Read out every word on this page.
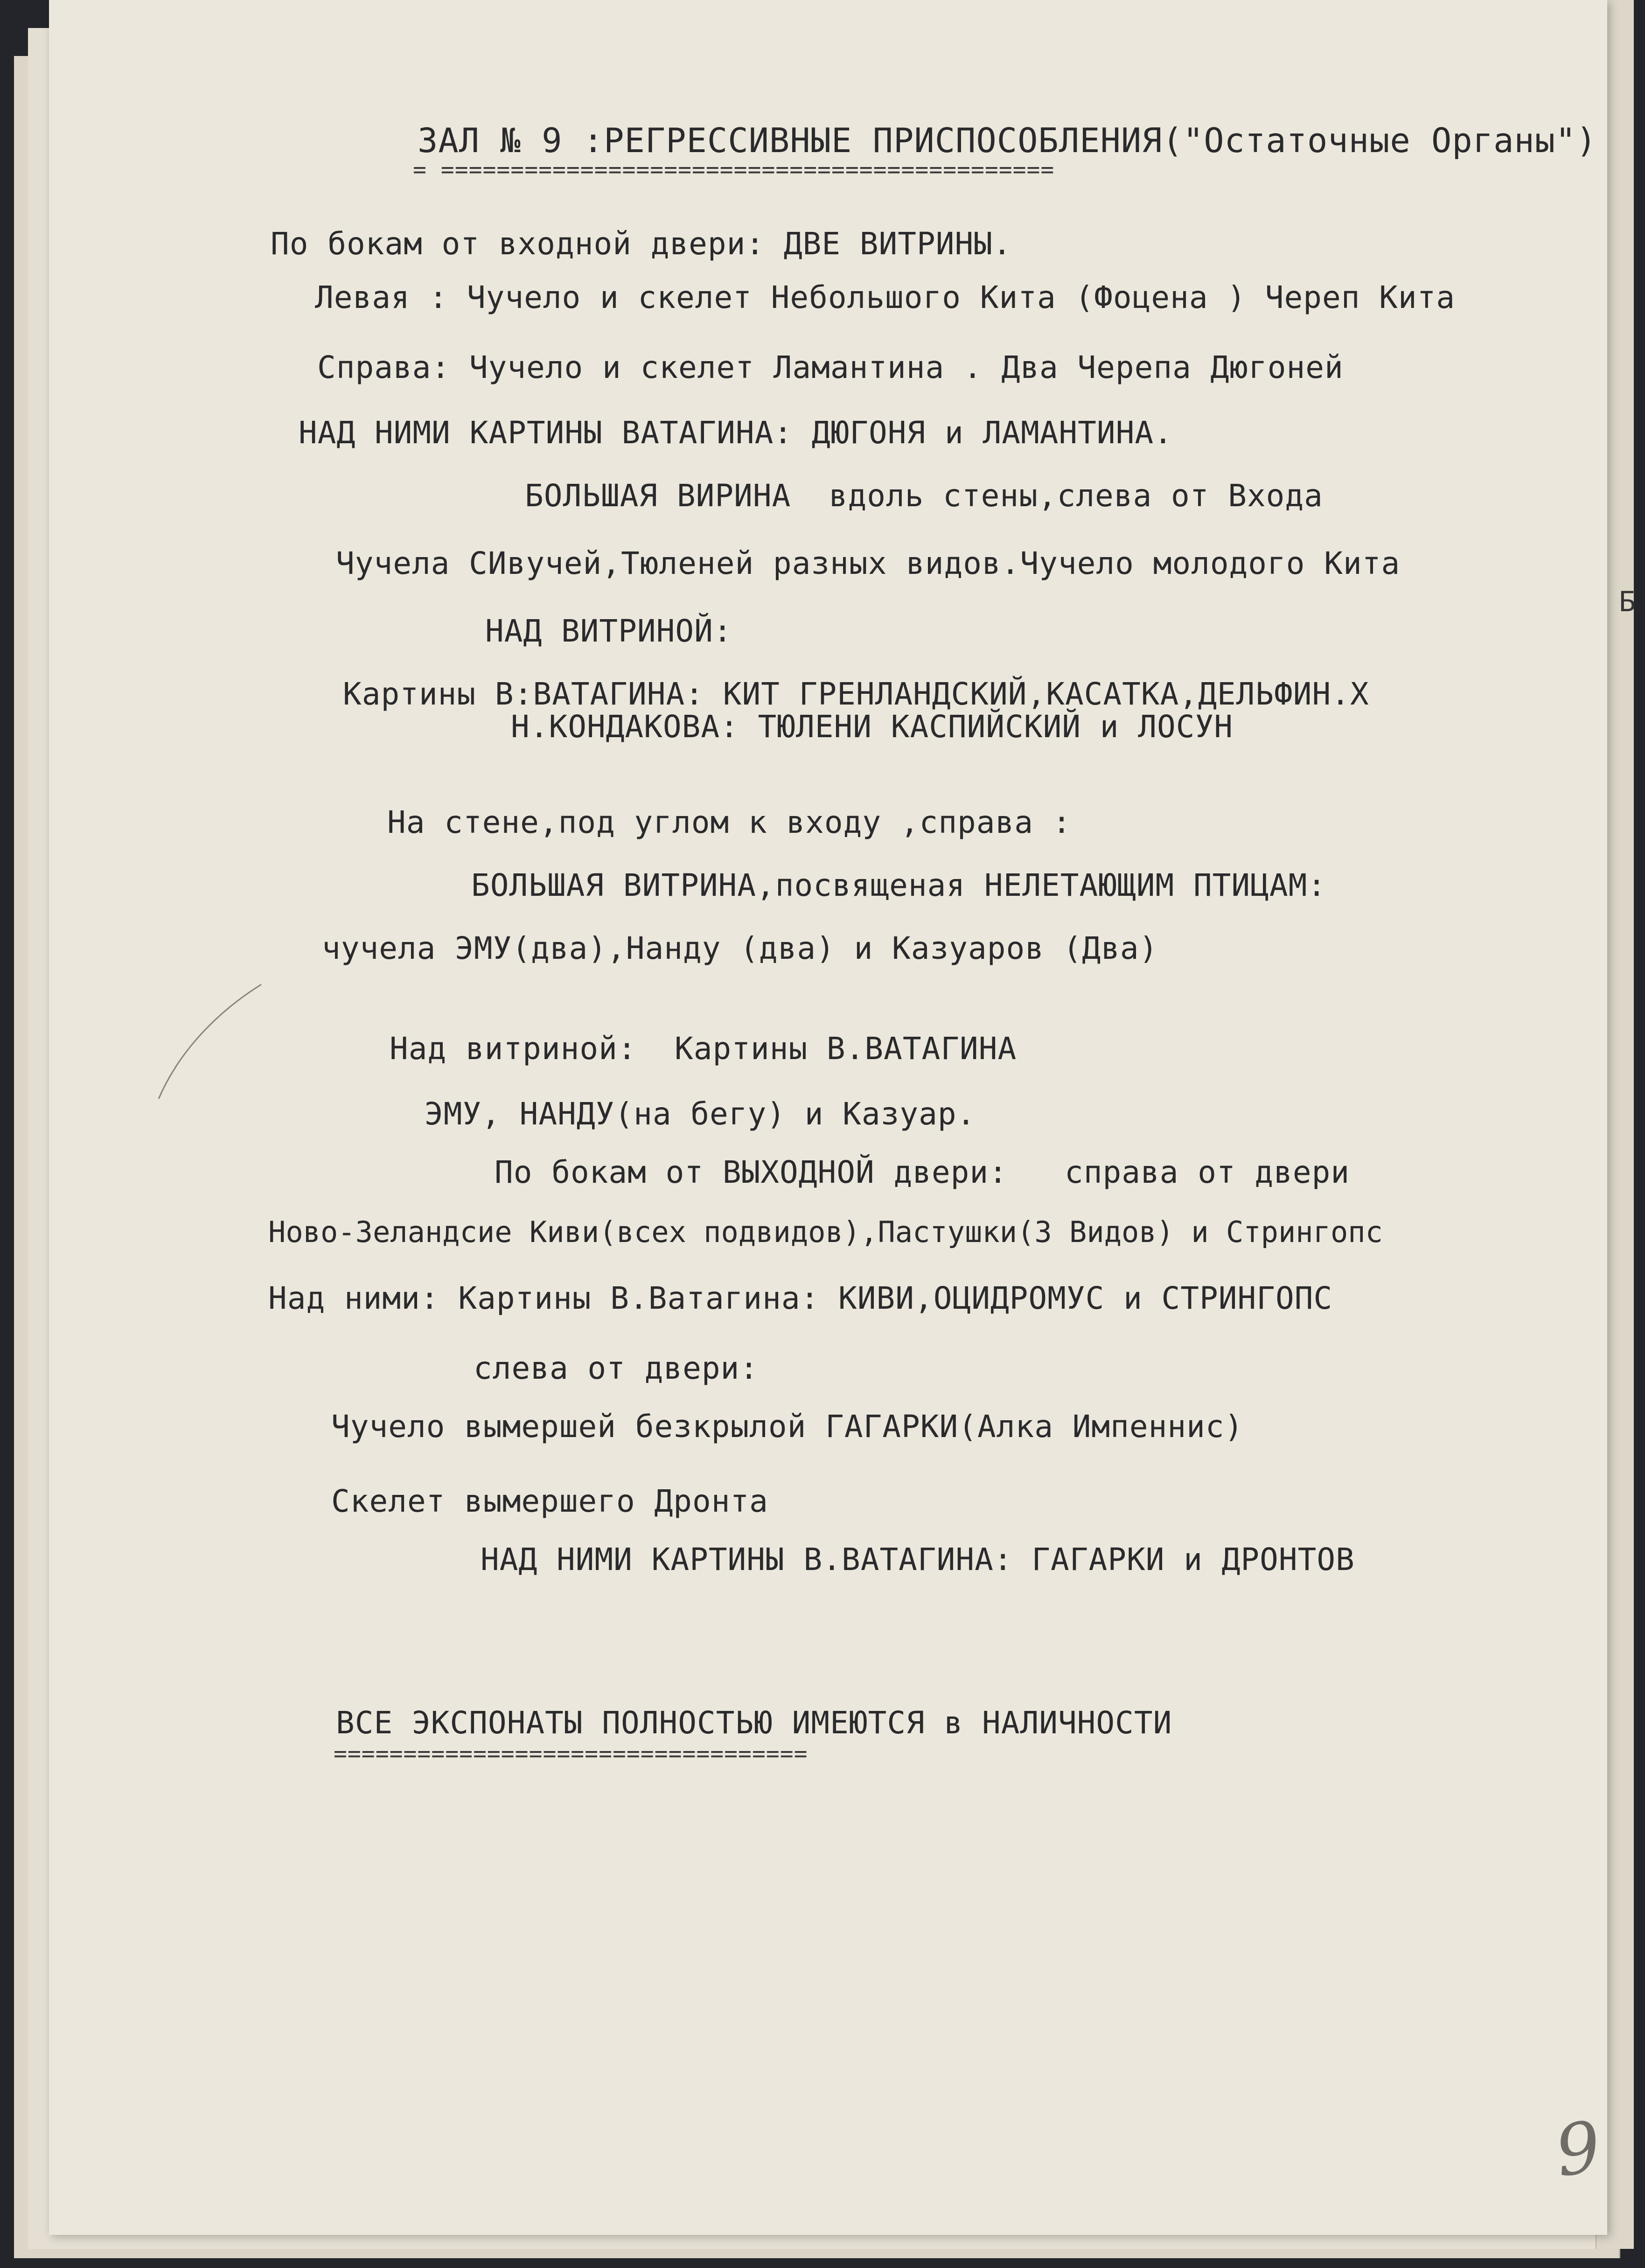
Б
ЗАЛ № 9 :РЕГРЕССИВНЫЕ ПРИСПОСОБЛЕНИЯ("Остаточные Органы")
= ============================================
По бокам от входной двери: ДВЕ ВИТРИНЫ.
Левая : Чучело и скелет Небольшого Кита (Фоцена ) Череп Кита
Справа: Чучело и скелет Ламантина . Два Черепа Дюгоней
НАД НИМИ КАРТИНЫ ВАТАГИНА: ДЮГОНЯ и ЛАМАНТИНА.
БОЛЬШАЯ ВИРИНА  вдоль стены,слева от Входа
Чучела СИвучей,Тюленей разных видов.Чучело молодого Кита
НАД ВИТРИНОЙ:
Картины В:ВАТАГИНА: КИТ ГРЕНЛАНДСКИЙ,КАСАТКА,ДЕЛЬФИН.Х
Н.КОНДАКОВА: ТЮЛЕНИ КАСПИЙСКИЙ и ЛОСУН
На стене,под углом к входу ,справа :
БОЛЬШАЯ ВИТРИНА,посвященая НЕЛЕТАЮЩИМ ПТИЦАМ:
чучела ЭМУ(два),Нанду (два) и Казуаров (Два)
Над витриной:  Картины В.ВАТАГИНА
ЭМУ, НАНДУ(на бегу) и Казуар.
По бокам от ВЫХОДНОЙ двери:   справа от двери
Ново-Зеландсие Киви(всех подвидов),Пастушки(3 Видов) и Стрингопс
Над ними: Картины В.Ватагина: КИВИ,ОЦИДРОМУС и СТРИНГОПС
слева от двери:
Чучело вымершей безкрылой ГАГАРКИ(Алка Импеннис)
Скелет вымершего Дронта
НАД НИМИ КАРТИНЫ В.ВАТАГИНА: ГАГАРКИ и ДРОНТОВ
ВСЕ ЭКСПОНАТЫ ПОЛНОСТЬЮ ИМЕЮТСЯ в НАЛИЧНОСТИ
==================================
9
